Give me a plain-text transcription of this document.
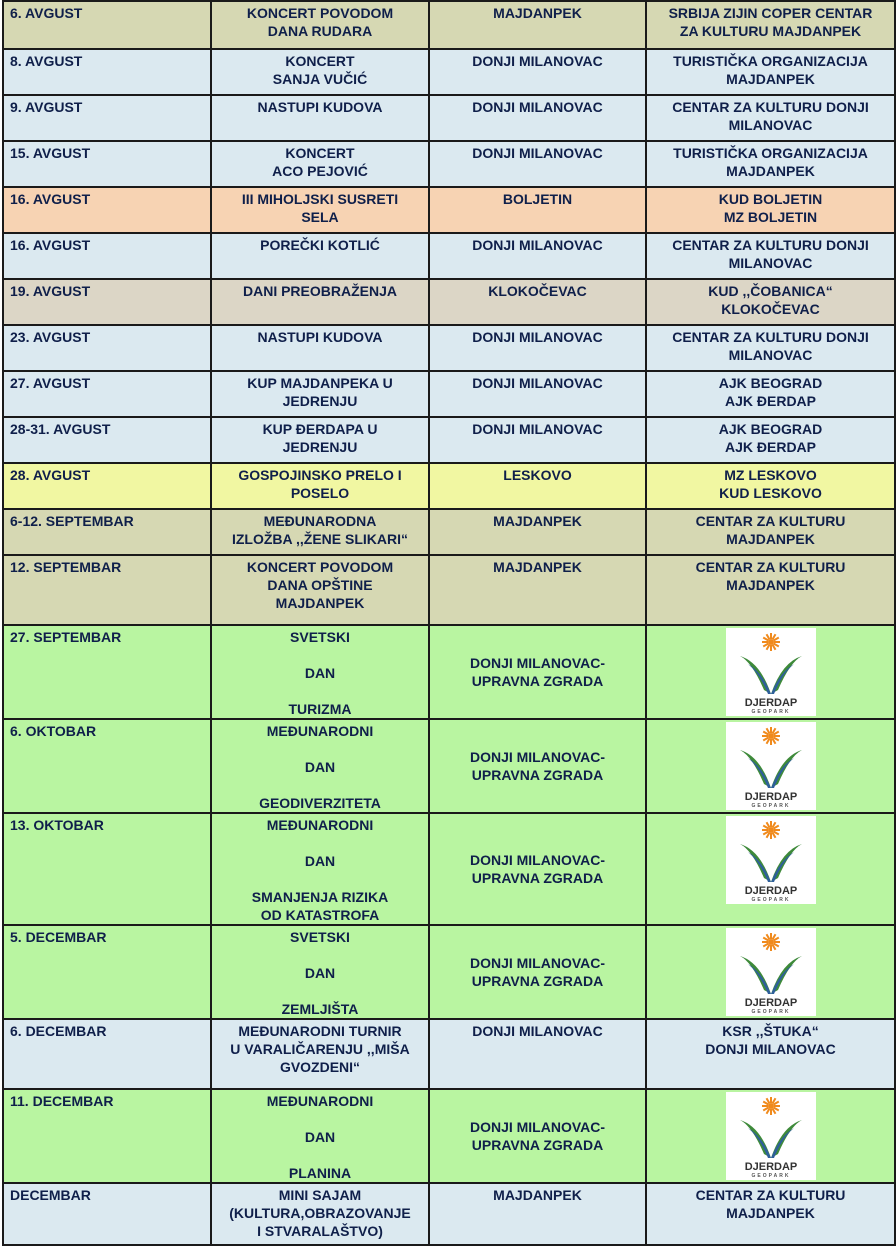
6. AVGUST	KONCERT POVODOM
DANA RUDARA	MAJDANPEK	SRBIJA ZIJIN COPER CENTAR
ZA KULTURU MAJDANPEK

8. AVGUST	KONCERT
SANJA VUČIĆ	DONJI MILANOVAC	TURISTIČKA ORGANIZACIJA
MAJDANPEK

9. AVGUST	NASTUPI KUDOVA	DONJI MILANOVAC	CENTAR ZA KULTURU DONJI
MILANOVAC

15. AVGUST	KONCERT
ACO PEJOVIĆ	DONJI MILANOVAC	TURISTIČKA ORGANIZACIJA
MAJDANPEK

16. AVGUST	III MIHOLJSKI SUSRETI
SELA	BOLJETIN	KUD BOLJETIN
MZ BOLJETIN

16. AVGUST	POREČKI KOTLIĆ	DONJI MILANOVAC	CENTAR ZA KULTURU DONJI
MILANOVAC

19. AVGUST	DANI PREOBRAŽENJA	KLOKOČEVAC	KUD ,,ČOBANICA“
KLOKOČEVAC

23. AVGUST	NASTUPI KUDOVA	DONJI MILANOVAC	CENTAR ZA KULTURU DONJI
MILANOVAC

27. AVGUST	KUP MAJDANPEKA U
JEDRENJU	DONJI MILANOVAC	AJK BEOGRAD
AJK ĐERDAP

28-31. AVGUST	KUP ĐERDAPA U
JEDRENJU	DONJI MILANOVAC	AJK BEOGRAD
AJK ĐERDAP

28. AVGUST	GOSPOJINSKO PRELO I
POSELO	LESKOVO	MZ LESKOVO
KUD LESKOVO

6-12. SEPTEMBAR	MEĐUNARODNA
IZLOŽBA ,,ŽENE SLIKARI“	MAJDANPEK	CENTAR ZA KULTURU
MAJDANPEK

12. SEPTEMBAR	KONCERT POVODOM
DANA OPŠTINE
MAJDANPEK	MAJDANPEK	CENTAR ZA KULTURU
MAJDANPEK

27. SEPTEMBAR	SVETSKI
DAN
TURIZMA	DONJI MILANOVAC-
UPRAVNA ZGRADA	DJERDAP
GEOPARK

6. OKTOBAR	MEĐUNARODNI
DAN
GEODIVERZITETA	DONJI MILANOVAC-
UPRAVNA ZGRADA	DJERDAP
GEOPARK

13. OKTOBAR	MEĐUNARODNI
DAN
SMANJENJA RIZIKA
OD KATASTROFA	DONJI MILANOVAC-
UPRAVNA ZGRADA	DJERDAP
GEOPARK

5. DECEMBAR	SVETSKI
DAN
ZEMLJIŠTA	DONJI MILANOVAC-
UPRAVNA ZGRADA	DJERDAP
GEOPARK

6. DECEMBAR	MEĐUNARODNI TURNIR
U VARALIČARENJU ,,MIŠA
GVOZDENI“	DONJI MILANOVAC	KSR ,,ŠTUKA“
DONJI MILANOVAC

11. DECEMBAR	MEĐUNARODNI
DAN
PLANINA	DONJI MILANOVAC-
UPRAVNA ZGRADA	DJERDAP
GEOPARK

DECEMBAR	MINI SAJAM
(KULTURA,OBRAZOVANJE
I STVARALAŠTVO)	MAJDANPEK	CENTAR ZA KULTURU
MAJDANPEK
